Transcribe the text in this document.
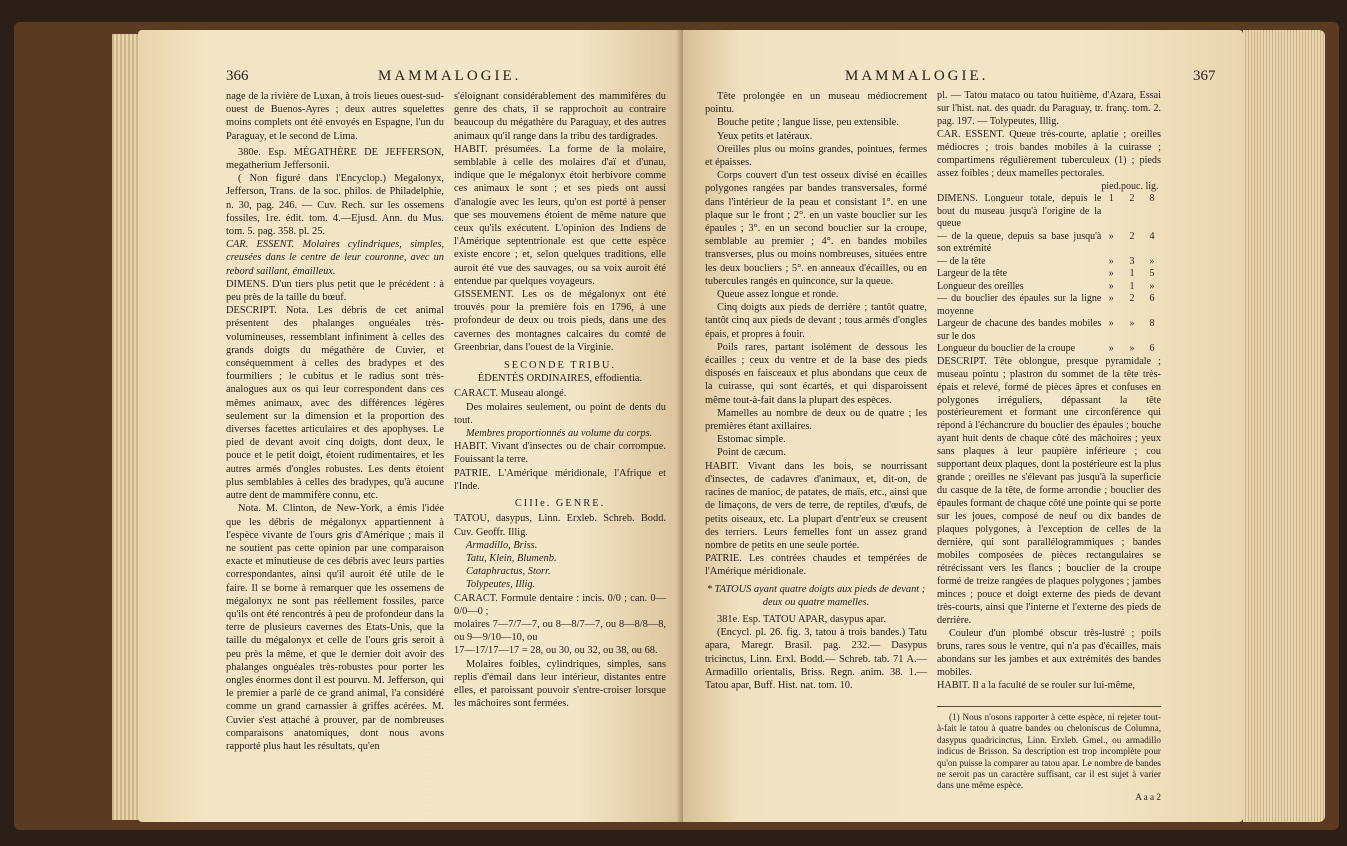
366	MAMMALOGIE.

nage de la rivière de Luxan, à trois lieues ouest-sud-ouest de Buenos-Ayres ; deux autres squelettes moins complets ont été envoyés en Espagne, l'un du Paraguay, et le second de Lima.

380e. Esp. MÉGATHÈRE DE JEFFERSON, megatherium Jeffersonii.

( Non figuré dans l'Encyclop.) Megalonyx, Jefferson, Trans. de la soc. philos. de Philadelphie, n. 30, pag. 246. — Cuv. Rech. sur les ossemens fossiles, 1re. édit. tom. 4.—Ejusd. Ann. du Mus. tom. 5. pag. 358. pl. 25.

CAR. ESSENT. Molaires cylindriques, simples, creusées dans le centre de leur couronne, avec un rebord saillant, émailleux.

DIMENS. D'un tiers plus petit que le précédent : à peu près de la taille du bœuf.

DESCRIPT. Nota. Les débris de cet animal présentent des phalanges onguéales très-volumineuses, ressemblant infiniment à celles des grands doigts du mégathère de Cuvier, et conséquemment à celles des bradypes et des fourmiliers ; le cubitus et le radius sont très-analogues aux os qui leur correspondent dans ces mêmes animaux, avec des différences légères seulement sur la dimension et la proportion des diverses facettes articulaires et des apophyses. Le pied de devant avoit cinq doigts, dont deux, le pouce et le petit doigt, étoient rudimentaires, et les autres armés d'ongles robustes. Les dents étoient plus semblables à celles des bradypes, qu'à aucune autre dent de mammifère connu, etc.

Nota. M. Clinton, de New-York, a émis l'idée que les débris de mégalonyx appartiennent à l'espèce vivante de l'ours gris d'Amérique ; mais il ne soutient pas cette opinion par une comparaison exacte et minutieuse de ces débris avec leurs parties correspondantes, ainsi qu'il auroit été utile de le faire. Il se borne à remarquer que les ossemens de mégalonyx ne sont pas réellement fossiles, parce qu'ils ont été rencontrés à peu de profondeur dans la terre de plusieurs cavernes des Etats-Unis, que la taille du mégalonyx et celle de l'ours gris seroit à peu près la même, et que le dernier doit avoir des phalanges onguéales très-robustes pour porter les ongles énormes dont il est pourvu. M. Jefferson, qui le premier a parlé de ce grand animal, l'a considéré comme un grand carnassier à griffes acérées. M. Cuvier s'est attaché à prouver, par de nombreuses comparaisons anatomiques, dont nous avons rapporté plus haut les résultats, qu'en

s'éloignant considérablement des mammifères du genre des chats, il se rapprochoit au contraire beaucoup du mégathère du Paraguay, et des autres animaux qu'il range dans la tribu des tardigrades.

HABIT. présumées. La forme de la molaire, semblable à celle des molaires d'aï et d'unau, indique que le mégalonyx étoit herbivore comme ces animaux le sont ; et ses pieds ont aussi d'analogie avec les leurs, qu'on est porté à penser que ses mouvemens étoient de même nature que ceux qu'ils exécutent. L'opinion des Indiens de l'Amérique septentrionale est que cette espèce existe encore ; et, selon quelques traditions, elle auroit été vue des sauvages, ou sa voix auroit été entendue par quelques voyageurs.

GISSEMENT. Les os de mégalonyx ont été trouvés pour la première fois en 1796, à une profondeur de deux ou trois pieds, dans une des cavernes des montagnes calcaires du comté de Greenbriar, dans l'ouest de la Virginie.

SECONDE TRIBU.

ÉDENTÉS ORDINAIRES, effodientia.

CARACT. Museau alongé.

Des molaires seulement, ou point de dents du tout.

Membres proportionnés au volume du corps.

HABIT. Vivant d'insectes ou de chair corrompue. Fouissant la terre.

PATRIE. L'Amérique méridionale, l'Afrique et l'Inde.

CIIIe. GENRE.

TATOU, dasypus, Linn. Erxleb. Schreb. Bodd. Cuv. Geoffr. Illig.

Armadillo, Briss.

Tatu, Klein, Blumenb.

Cataphractus, Storr.

Tolypeutes, Illig.

CARACT. Formule dentaire : incis. 0/0 ; can. 0—0/0—0 ;

molaires 7—7/7—7, ou 8—8/7—7, ou 8—8/8—8, ou 9—9/10—10, ou

17—17/17—17 = 28, ou 30, ou 32, ou 38, ou 68.

Molaires foibles, cylindriques, simples, sans replis d'émail dans leur intérieur, distantes entre elles, et paroissant pouvoir s'entre-croiser lorsque les mâchoires sont fermées.

MAMMALOGIE.	367

Tête prolongée en un museau médiocrement pointu.

Bouche petite ; langue lisse, peu extensible.

Yeux petits et latéraux.

Oreilles plus ou moins grandes, pointues, fermes et épaisses.

Corps couvert d'un test osseux divisé en écailles polygones rangées par bandes transversales, formé dans l'intérieur de la peau et consistant 1°. en une plaque sur le front ; 2°. en un vaste bouclier sur les épaules ; 3°. en un second bouclier sur la croupe, semblable au premier ; 4°. en bandes mobiles transverses, plus ou moins nombreuses, situées entre les deux boucliers ; 5°. en anneaux d'écailles, ou en tubercules rangés en quinconce, sur la queue.

Queue assez longue et ronde.

Cinq doigts aux pieds de derrière ; tantôt quatre, tantôt cinq aux pieds de devant ; tous armés d'ongles épais, et propres à fouir.

Poils rares, partant isolément de dessous les écailles ; ceux du ventre et de la base des pieds disposés en faisceaux et plus abondans que ceux de la cuirasse, qui sont écartés, et qui disparoissent même tout-à-fait dans la plupart des espèces.

Mamelles au nombre de deux ou de quatre ; les premières étant axillaires.

Estomac simple.

Point de cæcum.

HABIT. Vivant dans les bois, se nourrissant d'insectes, de cadavres d'animaux, et, dit-on, de racines de manioc, de patates, de maïs, etc., ainsi que de limaçons, de vers de terre, de reptiles, d'œufs, de petits oiseaux, etc. La plupart d'entr'eux se creusent des terriers. Leurs femelles font un assez grand nombre de petits en une seule portée.

PATRIE. Les contrées chaudes et tempérées de l'Amérique méridionale.

* TATOUS ayant quatre doigts aux pieds de devant ; deux ou quatre mamelles.

381e. Esp. TATOU APAR, dasypus apar.

(Encycl. pl. 26. fig. 3, tatou à trois bandes.) Tatu apara, Maregr. Brasil. pag. 232.— Dasypus tricinctus, Linn. Erxl. Bodd.— Schreb. tab. 71 A.— Armadillo orientalis, Briss. Regn. anim. 38. 1.— Tatou apar, Buff. Hist. nat. tom. 10.

pl. — Tatou mataco ou tatou huitième, d'Azara, Essai sur l'hist. nat. des quadr. du Paraguay, tr. franç. tom. 2. pag. 197. — Tolypeutes, Illig.

CAR. ESSENT. Queue très-courte, aplatie ; oreilles médiocres ; trois bandes mobiles à la cuirasse ; compartimens régulièrement tuberculeux (1) ; pieds assez foibles ; deux mamelles pectorales.

	pied.	pouc.	lig.
DIMENS. Longueur totale, depuis le bout du museau jusqu'à l'origine de la queue	1	2	8
— de la queue, depuis sa base jusqu'à son extrémité	»	2	4
— de la tête	»	3	»
Largeur de la tête	»	1	5
Longueur des oreilles	»	1	»
— du bouclier des épaules sur la ligne moyenne	»	2	6
Largeur de chacune des bandes mobiles sur le dos	»	»	8
Longueur du bouclier de la croupe	»	»	6

DESCRIPT. Tête oblongue, presque pyramidale ; museau pointu ; plastron du sommet de la tête très-épais et relevé, formé de pièces âpres et confuses en polygones irréguliers, dépassant la tête postérieurement et formant une circonférence qui répond à l'échancrure du bouclier des épaules ; bouche ayant huit dents de chaque côté des mâchoires ; yeux sans plaques à leur paupière inférieure ; cou supportant deux plaques, dont la postérieure est la plus grande ; oreilles ne s'élevant pas jusqu'à la superficie du casque de la tête, de forme arrondie ; bouclier des épaules formant de chaque côté une pointe qui se porte sur les joues, composé de neuf ou dix bandes de plaques polygones, à l'exception de celles de la dernière, qui sont parallélogrammiques ; bandes mobiles composées de pièces rectangulaires se rétrécissant vers les flancs ; bouclier de la croupe formé de treize rangées de plaques polygones ; jambes minces ; pouce et doigt externe des pieds de devant très-courts, ainsi que l'interne et l'externe des pieds de derrière.

Couleur d'un plombé obscur très-lustré ; poils bruns, rares sous le ventre, qui n'a pas d'écailles, mais abondans sur les jambes et aux extrémités des bandes mobiles.

HABIT. Il a la faculté de se rouler sur lui-même,

(1) Nous n'osons rapporter à cette espèce, ni rejeter tout-à-fait le tatou à quatre bandes ou cheloniscus de Columna, dasypus quadricinctus, Linn. Erxleb. Gmel., ou armadillo indicus de Brisson. Sa description est trop incomplète pour qu'on puisse la comparer au tatou apar. Le nombre de bandes ne seroit pas un caractère suffisant, car il est sujet à varier dans une même espèce.

A a a 2
